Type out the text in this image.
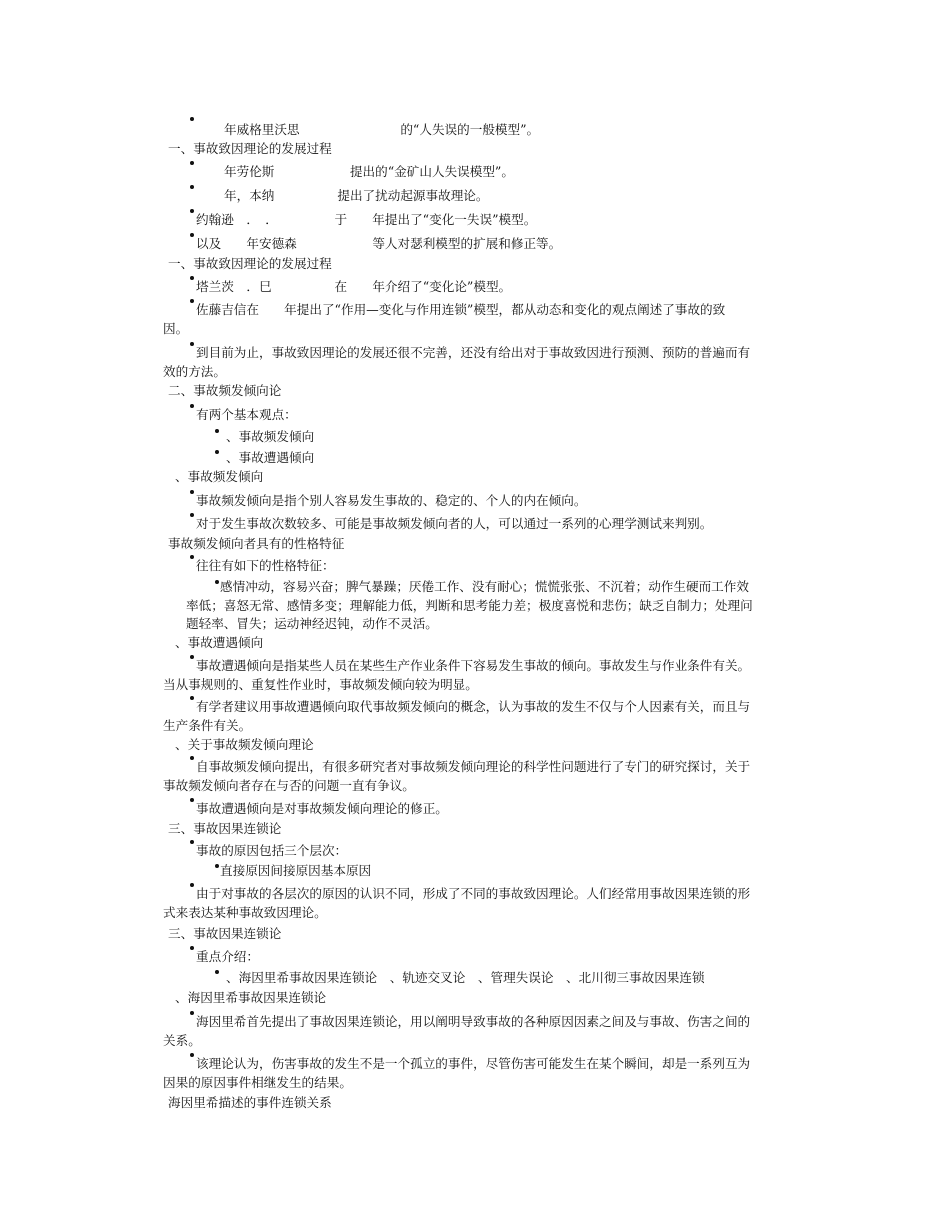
年威格里沃思　　　　　　　　的“人失误的一般模型”。
一、事故致因理论的发展过程
年劳伦斯　　　　　　提出的“金矿山人失误模型”。
年，本纳　　　　　提出了扰动起源事故理论。
约翰逊　．　．　　　　　于　　年提出了“变化一失误”模型。
以及　　年安德森　　　　　　等人对瑟利模型的扩展和修正等。
一、事故致因理论的发展过程
塔兰茨　．巳　　　　　在　　年介绍了“变化论”模型。
佐藤吉信在　　年提出了“作用—变化与作用连锁”模型，都从动态和变化的观点阐述了事故的致
因。
到目前为止，事故致因理论的发展还很不完善，还没有给出对于事故致因进行预测、预防的普遍而有
效的方法。
二、事故频发倾向论
有两个基本观点：
、事故频发倾向
、事故遭遇倾向
、事故频发倾向
事故频发倾向是指个别人容易发生事故的、稳定的、个人的内在倾向。
对于发生事故次数较多、可能是事故频发倾向者的人，可以通过一系列的心理学测试来判别。
事故频发倾向者具有的性格特征
往往有如下的性格特征：
感情冲动，容易兴奋；脾气暴躁；厌倦工作、没有耐心；慌慌张张、不沉着；动作生硬而工作效
率低；喜怒无常、感情多变；理解能力低，判断和思考能力差；极度喜悦和悲伤；缺乏自制力；处理问
题轻率、冒失；运动神经迟钝，动作不灵活。
、事故遭遇倾向
事故遭遇倾向是指某些人员在某些生产作业条件下容易发生事故的倾向。事故发生与作业条件有关。
当从事规则的、重复性作业时，事故频发倾向较为明显。
有学者建议用事故遭遇倾向取代事故频发倾向的概念，认为事故的发生不仅与个人因素有关，而且与
生产条件有关。
、关于事故频发倾向理论
自事故频发倾向提出，有很多研究者对事故频发倾向理论的科学性问题进行了专门的研究探讨，关于
事故频发倾向者存在与否的问题一直有争议。
事故遭遇倾向是对事故频发倾向理论的修正。
三、事故因果连锁论
事故的原因包括三个层次：
直接原因间接原因基本原因
由于对事故的各层次的原因的认识不同，形成了不同的事故致因理论。人们经常用事故因果连锁的形
式来表达某种事故致因理论。
三、事故因果连锁论
重点介绍：
、海因里希事故因果连锁论　、轨迹交叉论　、管理失误论　、北川彻三事故因果连锁
、海因里希事故因果连锁论
海因里希首先提出了事故因果连锁论，用以阐明导致事故的各种原因因素之间及与事故、伤害之间的
关系。
该理论认为，伤害事故的发生不是一个孤立的事件，尽管伤害可能发生在某个瞬间，却是一系列互为
因果的原因事件相继发生的结果。
海因里希描述的事件连锁关系
